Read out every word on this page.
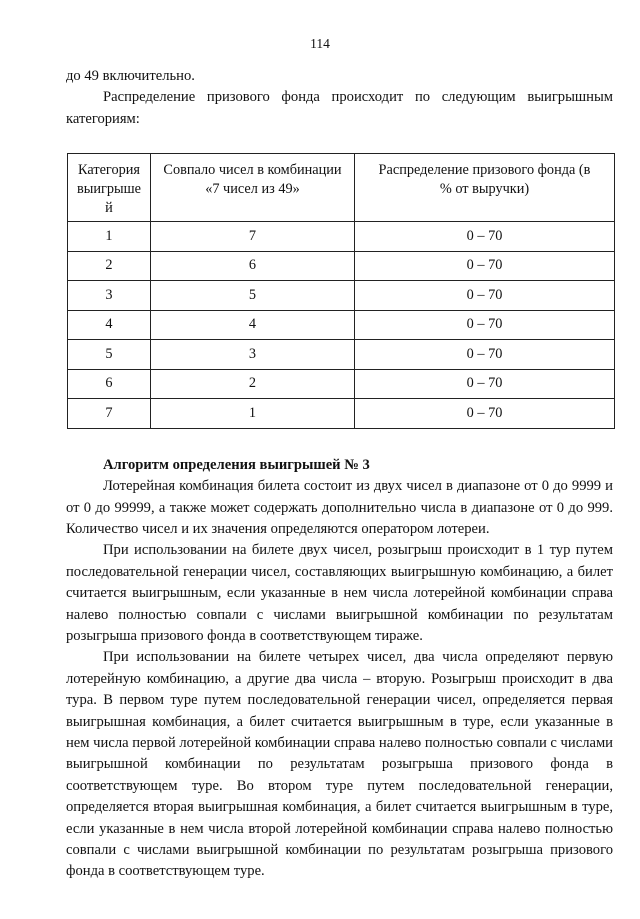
114

до 49 включительно.

Распределение призового фонда происходит по следующим выигрышным категориям:

Категория выигрыше й	Совпало чисел в комбинации «7 чисел из 49»	Распределение призового фонда (в % от выручки)
1	7	0 – 70
2	6	0 – 70
3	5	0 – 70
4	4	0 – 70
5	3	0 – 70
6	2	0 – 70
7	1	0 – 70

Алгоритм определения выигрышей № 3

Лотерейная комбинация билета состоит из двух чисел в диапазоне от 0 до 9999 и от 0 до 99999, а также может содержать дополнительно числа в диапазоне от 0 до 999. Количество чисел и их значения определяются оператором лотереи.

При использовании на билете двух чисел, розыгрыш происходит в 1 тур путем последовательной генерации чисел, составляющих выигрышную комбинацию, а билет считается выигрышным, если указанные в нем числа лотерейной комбинации справа налево полностью совпали с числами выигрышной комбинации по результатам розыгрыша призового фонда в соответствующем тираже.

При использовании на билете четырех чисел, два числа определяют первую лотерейную комбинацию, а другие два числа – вторую. Розыгрыш происходит в два тура. В первом туре путем последовательной генерации чисел, определяется первая выигрышная комбинация, а билет считается выигрышным в туре, если указанные в нем числа первой лотерейной комбинации справа налево полностью совпали с числами выигрышной комбинации по результатам розыгрыша призового фонда в соответствующем туре. Во втором туре путем последовательной генерации, определяется вторая выигрышная комбинация, а билет считается выигрышным в туре, если указанные в нем числа второй лотерейной комбинации справа налево полностью совпали с числами выигрышной комбинации по результатам розыгрыша призового фонда в соответствующем туре.
